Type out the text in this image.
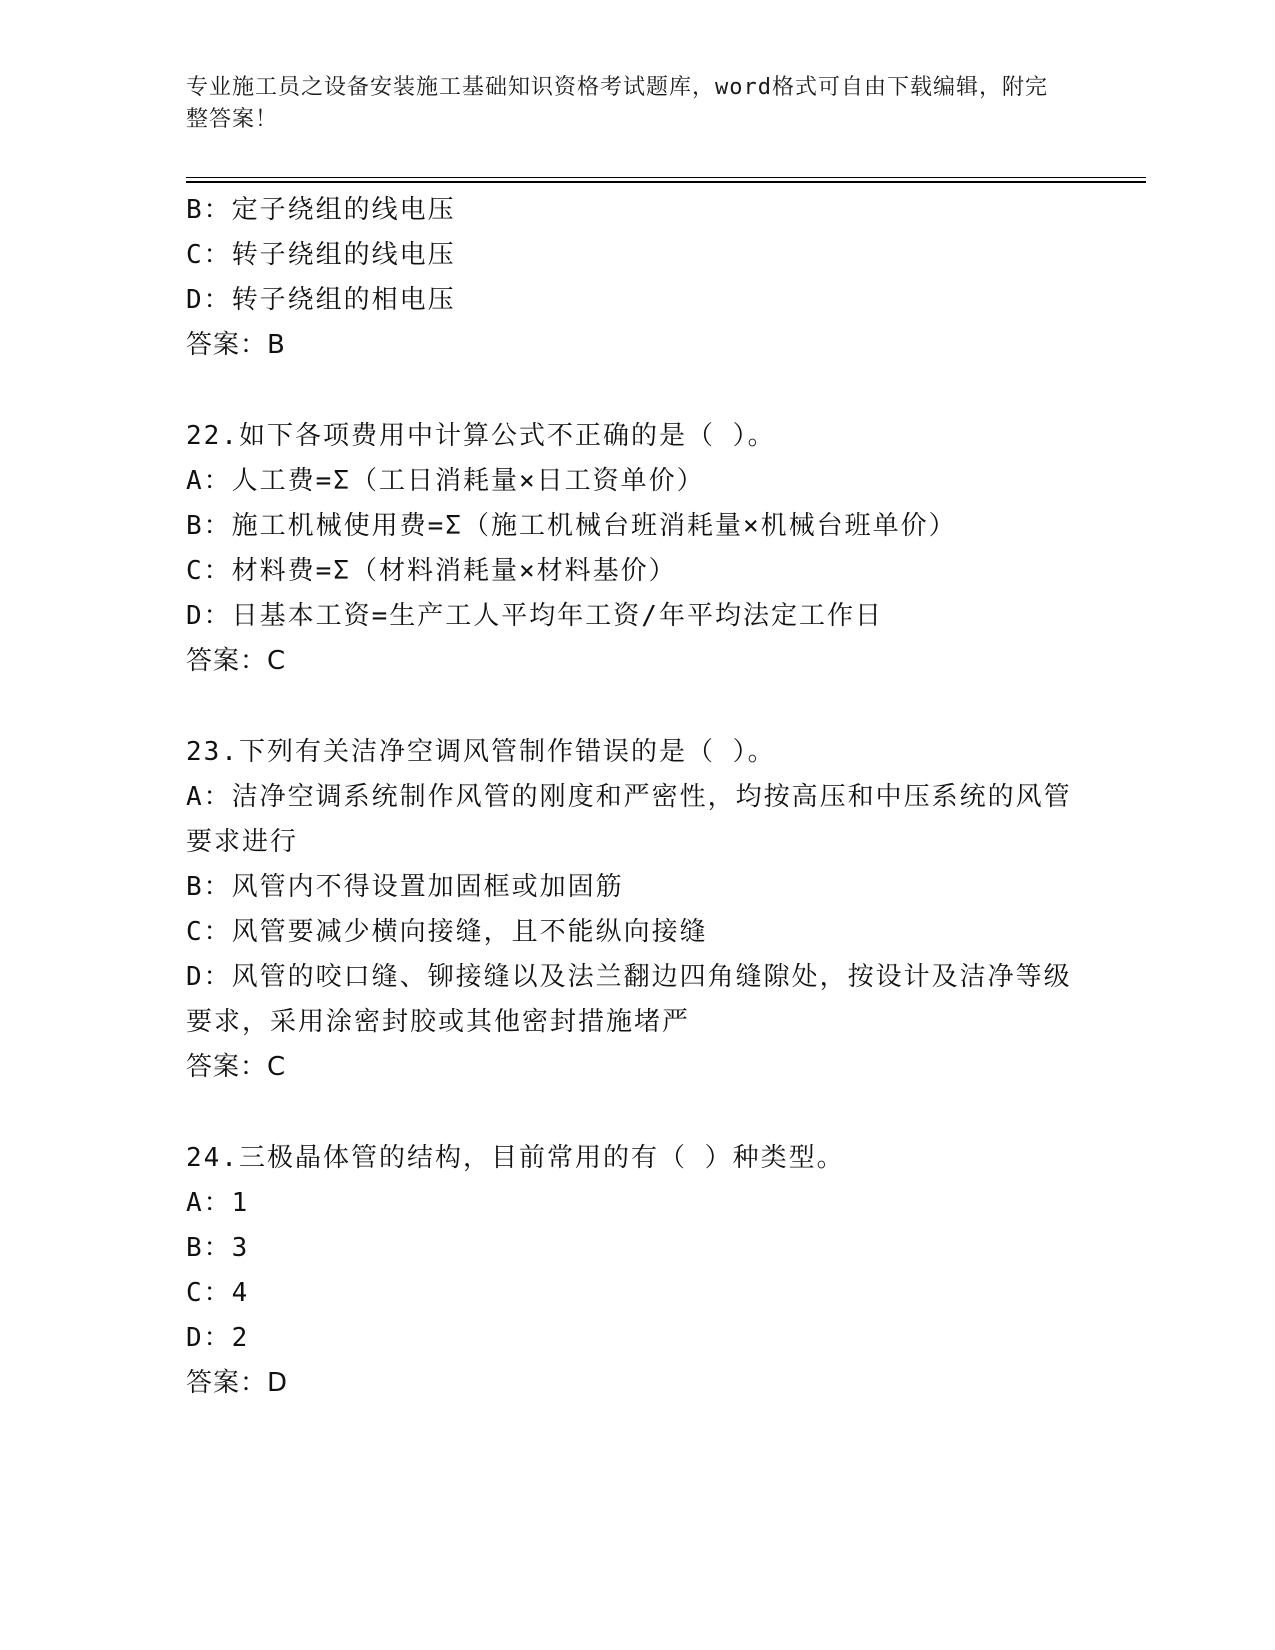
专业施工员之设备安装施工基础知识资格考试题库，word格式可自由下载编辑，附完整答案！
B：定子绕组的线电压
C：转子绕组的线电压
D：转子绕组的相电压
答案：B
22.如下各项费用中计算公式不正确的是（ ）。
A：人工费=Σ（工日消耗量×日工资单价）
B：施工机械使用费=Σ（施工机械台班消耗量×机械台班单价）
C：材料费=Σ（材料消耗量×材料基价）
D：日基本工资=生产工人平均年工资/年平均法定工作日
答案：C
23.下列有关洁净空调风管制作错误的是（ ）。
A：洁净空调系统制作风管的刚度和严密性，均按高压和中压系统的风管要求进行
B：风管内不得设置加固框或加固筋
C：风管要减少横向接缝，且不能纵向接缝
D：风管的咬口缝、铆接缝以及法兰翻边四角缝隙处，按设计及洁净等级要求，采用涂密封胶或其他密封措施堵严
答案：C
24.三极晶体管的结构，目前常用的有（ ）种类型。
A：1
B：3
C：4
D：2
答案：D
